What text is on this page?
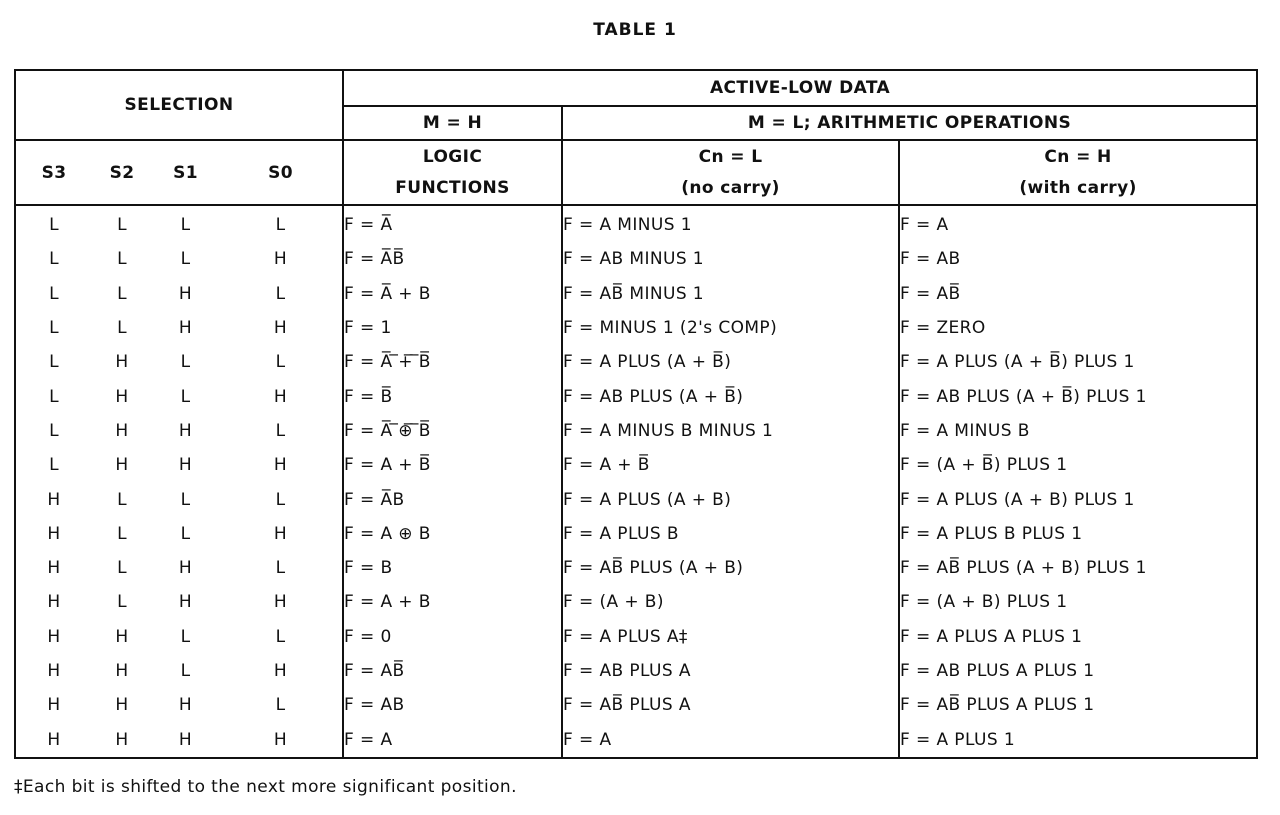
TABLE 1
SELECTION				ACTIVE-LOW DATA		
				M = H	M = L; ARITHMETIC OPERATIONS	
S3	S2	S1	S0	LOGIC	Cn = L	Cn = H
				FUNCTIONS	(no carry)	(with carry)
L	L	L	L	F = A̅	F = A MINUS 1	F = A
L	L	L	H	F = A̅B̅	F = AB MINUS 1	F = AB
L	L	H	L	F = A̅ + B	F = AB̅ MINUS 1	F = AB̅
L	L	H	H	F = 1	F = MINUS 1 (2's COMP)	F = ZERO
L	H	L	L	F = A̅ ̅+̅ ̅B̅	F = A PLUS (A + B̅)	F = A PLUS (A + B̅) PLUS 1
L	H	L	H	F = B̅	F = AB PLUS (A + B̅)	F = AB PLUS (A + B̅) PLUS 1
L	H	H	L	F = A̅ ̅⊕̅ ̅B̅	F = A MINUS B MINUS 1	F = A MINUS B
L	H	H	H	F = A + B̅	F = A + B̅	F = (A + B̅) PLUS 1
H	L	L	L	F = A̅B	F = A PLUS (A + B)	F = A PLUS (A + B) PLUS 1
H	L	L	H	F = A ⊕ B	F = A PLUS B	F = A PLUS B PLUS 1
H	L	H	L	F = B	F = AB̅ PLUS (A + B)	F = AB̅ PLUS (A + B) PLUS 1
H	L	H	H	F = A + B	F = (A + B)	F = (A + B) PLUS 1
H	H	L	L	F = 0	F = A PLUS A‡	F = A PLUS A PLUS 1
H	H	L	H	F = AB̅	F = AB PLUS A	F = AB PLUS A PLUS 1
H	H	H	L	F = AB	F = AB̅ PLUS A	F = AB̅ PLUS A PLUS 1
H	H	H	H	F = A	F = A	F = A PLUS 1
‡Each bit is shifted to the next more significant position.
